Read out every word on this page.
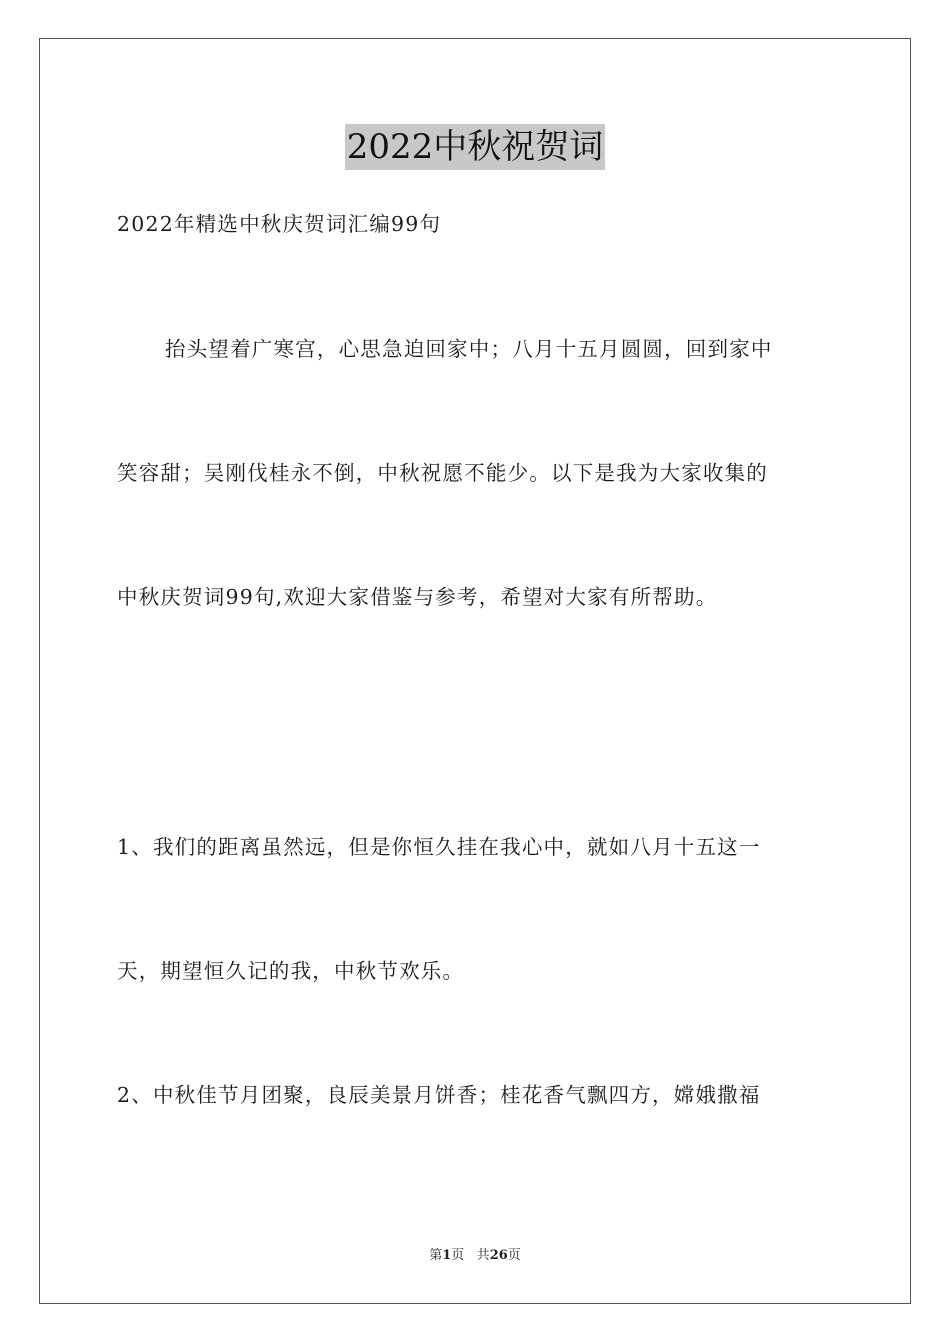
2022中秋祝贺词
2022年精选中秋庆贺词汇编99句
抬头望着广寒宫，心思急迫回家中；八月十五月圆圆，回到家中
笑容甜；吴刚伐桂永不倒，中秋祝愿不能少。以下是我为大家收集的
中秋庆贺词99句,欢迎大家借鉴与参考，希望对大家有所帮助。
1、我们的距离虽然远，但是你恒久挂在我心中，就如八月十五这一
天，期望恒久记的我，中秋节欢乐。
2、中秋佳节月团聚，良辰美景月饼香；桂花香气飘四方，嫦娥撒福
第1页 共26页
